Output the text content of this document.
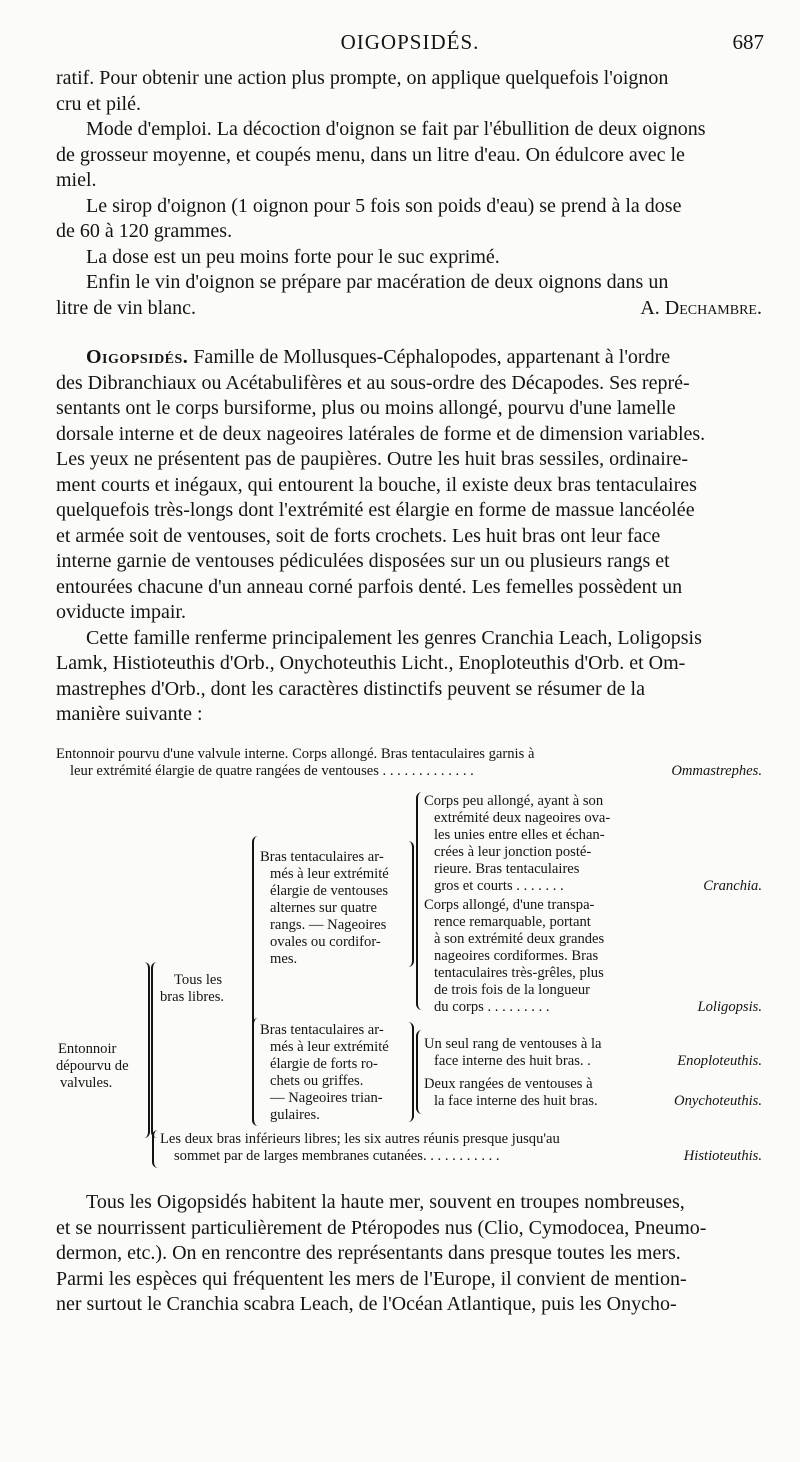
OIGOPSIDÉS.	687

ratif. Pour obtenir une action plus prompte, on applique quelquefois l'oignon

cru et pilé.

Mode d'emploi. La décoction d'oignon se fait par l'ébullition de deux oignons

de grosseur moyenne, et coupés menu, dans un litre d'eau. On édulcore avec le

miel.

Le sirop d'oignon (1 oignon pour 5 fois son poids d'eau) se prend à la dose

de 60 à 120 grammes.

La dose est un peu moins forte pour le suc exprimé.

Enfin le vin d'oignon se prépare par macération de deux oignons dans un

litre de vin blanc.	A. Dechambre.

Oigopsidés. Famille de Mollusques-Céphalopodes, appartenant à l'ordre

des Dibranchiaux ou Acétabulifères et au sous-ordre des Décapodes. Ses repré-

sentants ont le corps bursiforme, plus ou moins allongé, pourvu d'une lamelle

dorsale interne et de deux nageoires latérales de forme et de dimension variables.

Les yeux ne présentent pas de paupières. Outre les huit bras sessiles, ordinaire-

ment courts et inégaux, qui entourent la bouche, il existe deux bras tentaculaires

quelquefois très-longs dont l'extrémité est élargie en forme de massue lancéolée

et armée soit de ventouses, soit de forts crochets. Les huit bras ont leur face

interne garnie de ventouses pédiculées disposées sur un ou plusieurs rangs et

entourées chacune d'un anneau corné parfois denté. Les femelles possèdent un

oviducte impair.

Cette famille renferme principalement les genres Cranchia Leach, Loligopsis

Lamk, Histioteuthis d'Orb., Onychoteuthis Licht., Enoploteuthis d'Orb. et Om-

mastrephes d'Orb., dont les caractères distinctifs peuvent se résumer de la

manière suivante :

Entonnoir pourvu d'une valvule interne. Corps allongé. Bras tentaculaires garnis à
leur extrémité élargie de quatre rangées de ventouses . . . . . . . . . . . . .	Ommastrephes.
Entonnoir
dépourvu de
valvules.
Tous les
bras libres.
Bras tentaculaires ar-
més à leur extrémité
élargie de ventouses
alternes sur quatre
rangs. — Nageoires
ovales ou cordifor-
mes.
Corps peu allongé, ayant à son
extrémité deux nageoires ova-
les unies entre elles et échan-
crées à leur jonction posté-
rieure. Bras tentaculaires
gros et courts . . . . . . .	Cranchia.
Corps allongé, d'une transpa-
rence remarquable, portant
à son extrémité deux grandes
nageoires cordiformes. Bras
tentaculaires très-grêles, plus
de trois fois de la longueur
du corps . . . . . . . . .	Loligopsis.
Bras tentaculaires ar-
més à leur extrémité
élargie de forts ro-
chets ou griffes.
— Nageoires trian-
gulaires.
Un seul rang de ventouses à la
face interne des huit bras. .	Enoploteuthis.
Deux rangées de ventouses à
la face interne des huit bras.	Onychoteuthis.
Les deux bras inférieurs libres; les six autres réunis presque jusqu'au
sommet par de larges membranes cutanées. . . . . . . . . . .	Histioteuthis.

Tous les Oigopsidés habitent la haute mer, souvent en troupes nombreuses,

et se nourrissent particulièrement de Ptéropodes nus (Clio, Cymodocea, Pneumo-

dermon, etc.). On en rencontre des représentants dans presque toutes les mers.

Parmi les espèces qui fréquentent les mers de l'Europe, il convient de mention-

ner surtout le Cranchia scabra Leach, de l'Océan Atlantique, puis les Onycho-
